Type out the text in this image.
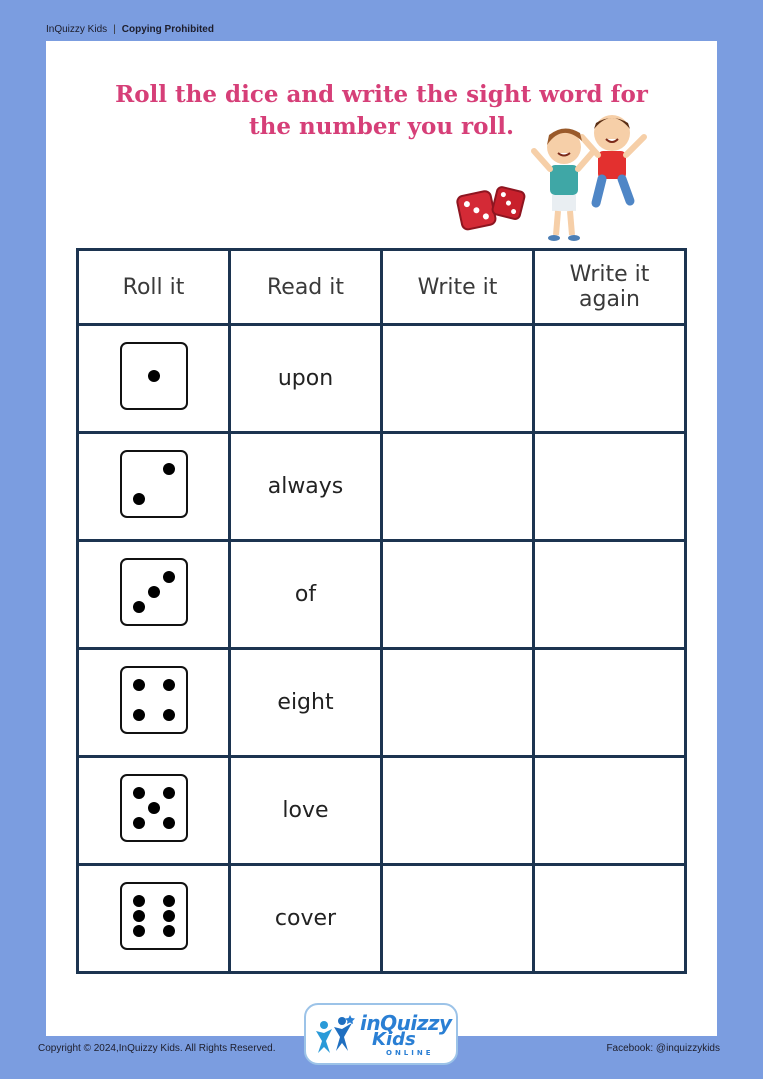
InQuizzy Kids | Copying Prohibited
Roll the dice and write the sight word for
the number you roll.
Roll it	Read it	Write it	Write it again

	upon		

	always		

	of		

	eight		

	love		

	cover		
inQuizzy
Kids
ONLINE
Copyright © 2024,InQuizzy Kids. All Rights Reserved.	Facebook: @inquizzykids
